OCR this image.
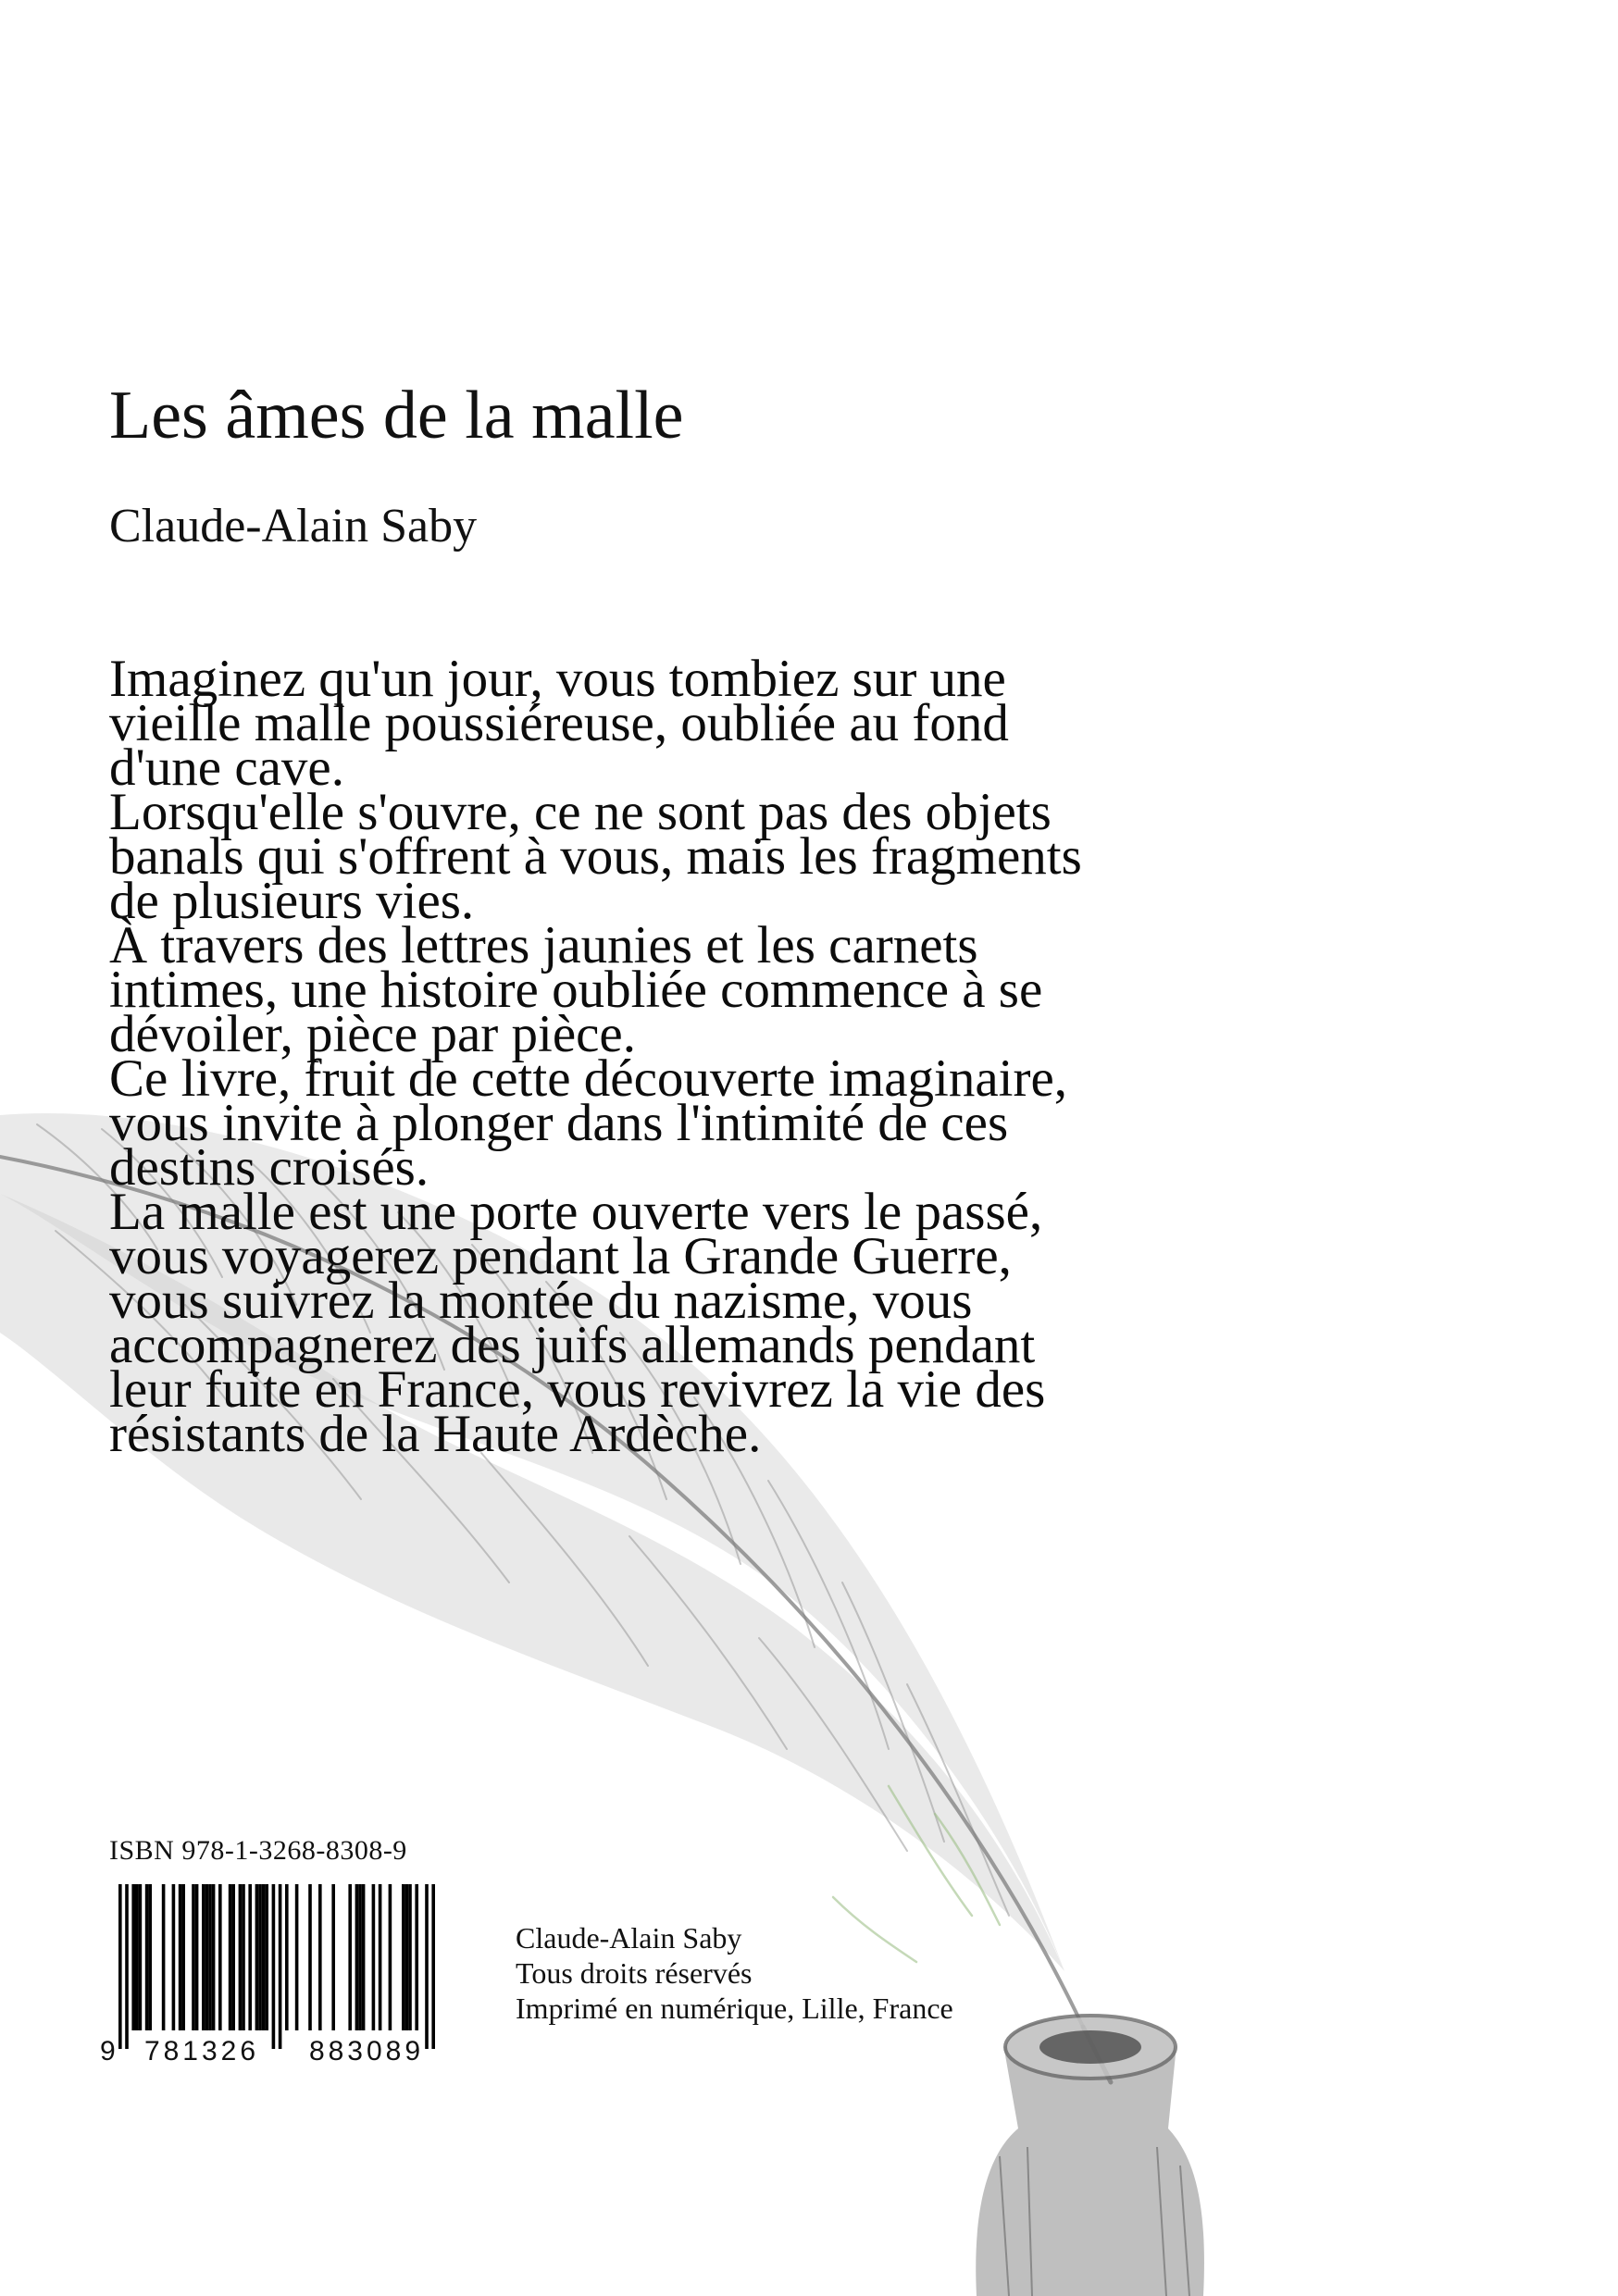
Les âmes de la malle
Claude-Alain Saby

Imaginez qu'un jour, vous tombiez sur une
vieille malle poussiéreuse, oubliée au fond
d'une cave.

Lorsqu'elle s'ouvre, ce ne sont pas des objets
banals qui s'offrent à vous, mais les fragments
de plusieurs vies.

À travers des lettres jaunies et les carnets
intimes, une histoire oubliée commence à se
dévoiler, pièce par pièce.

Ce livre, fruit de cette découverte imaginaire,
vous invite à plonger dans l'intimité de ces
destins croisés.

La malle est une porte ouverte vers le passé,
vous voyagerez pendant la Grande Guerre,
vous suivrez la montée du nazisme, vous
accompagnerez des juifs allemands pendant
leur fuite en France, vous revivrez la vie des
résistants de la Haute Ardèche.

ISBN 978-1-3268-8308-9
9 781326 883089
Claude-Alain Saby
Tous droits réservés
Imprimé en numérique, Lille, France
